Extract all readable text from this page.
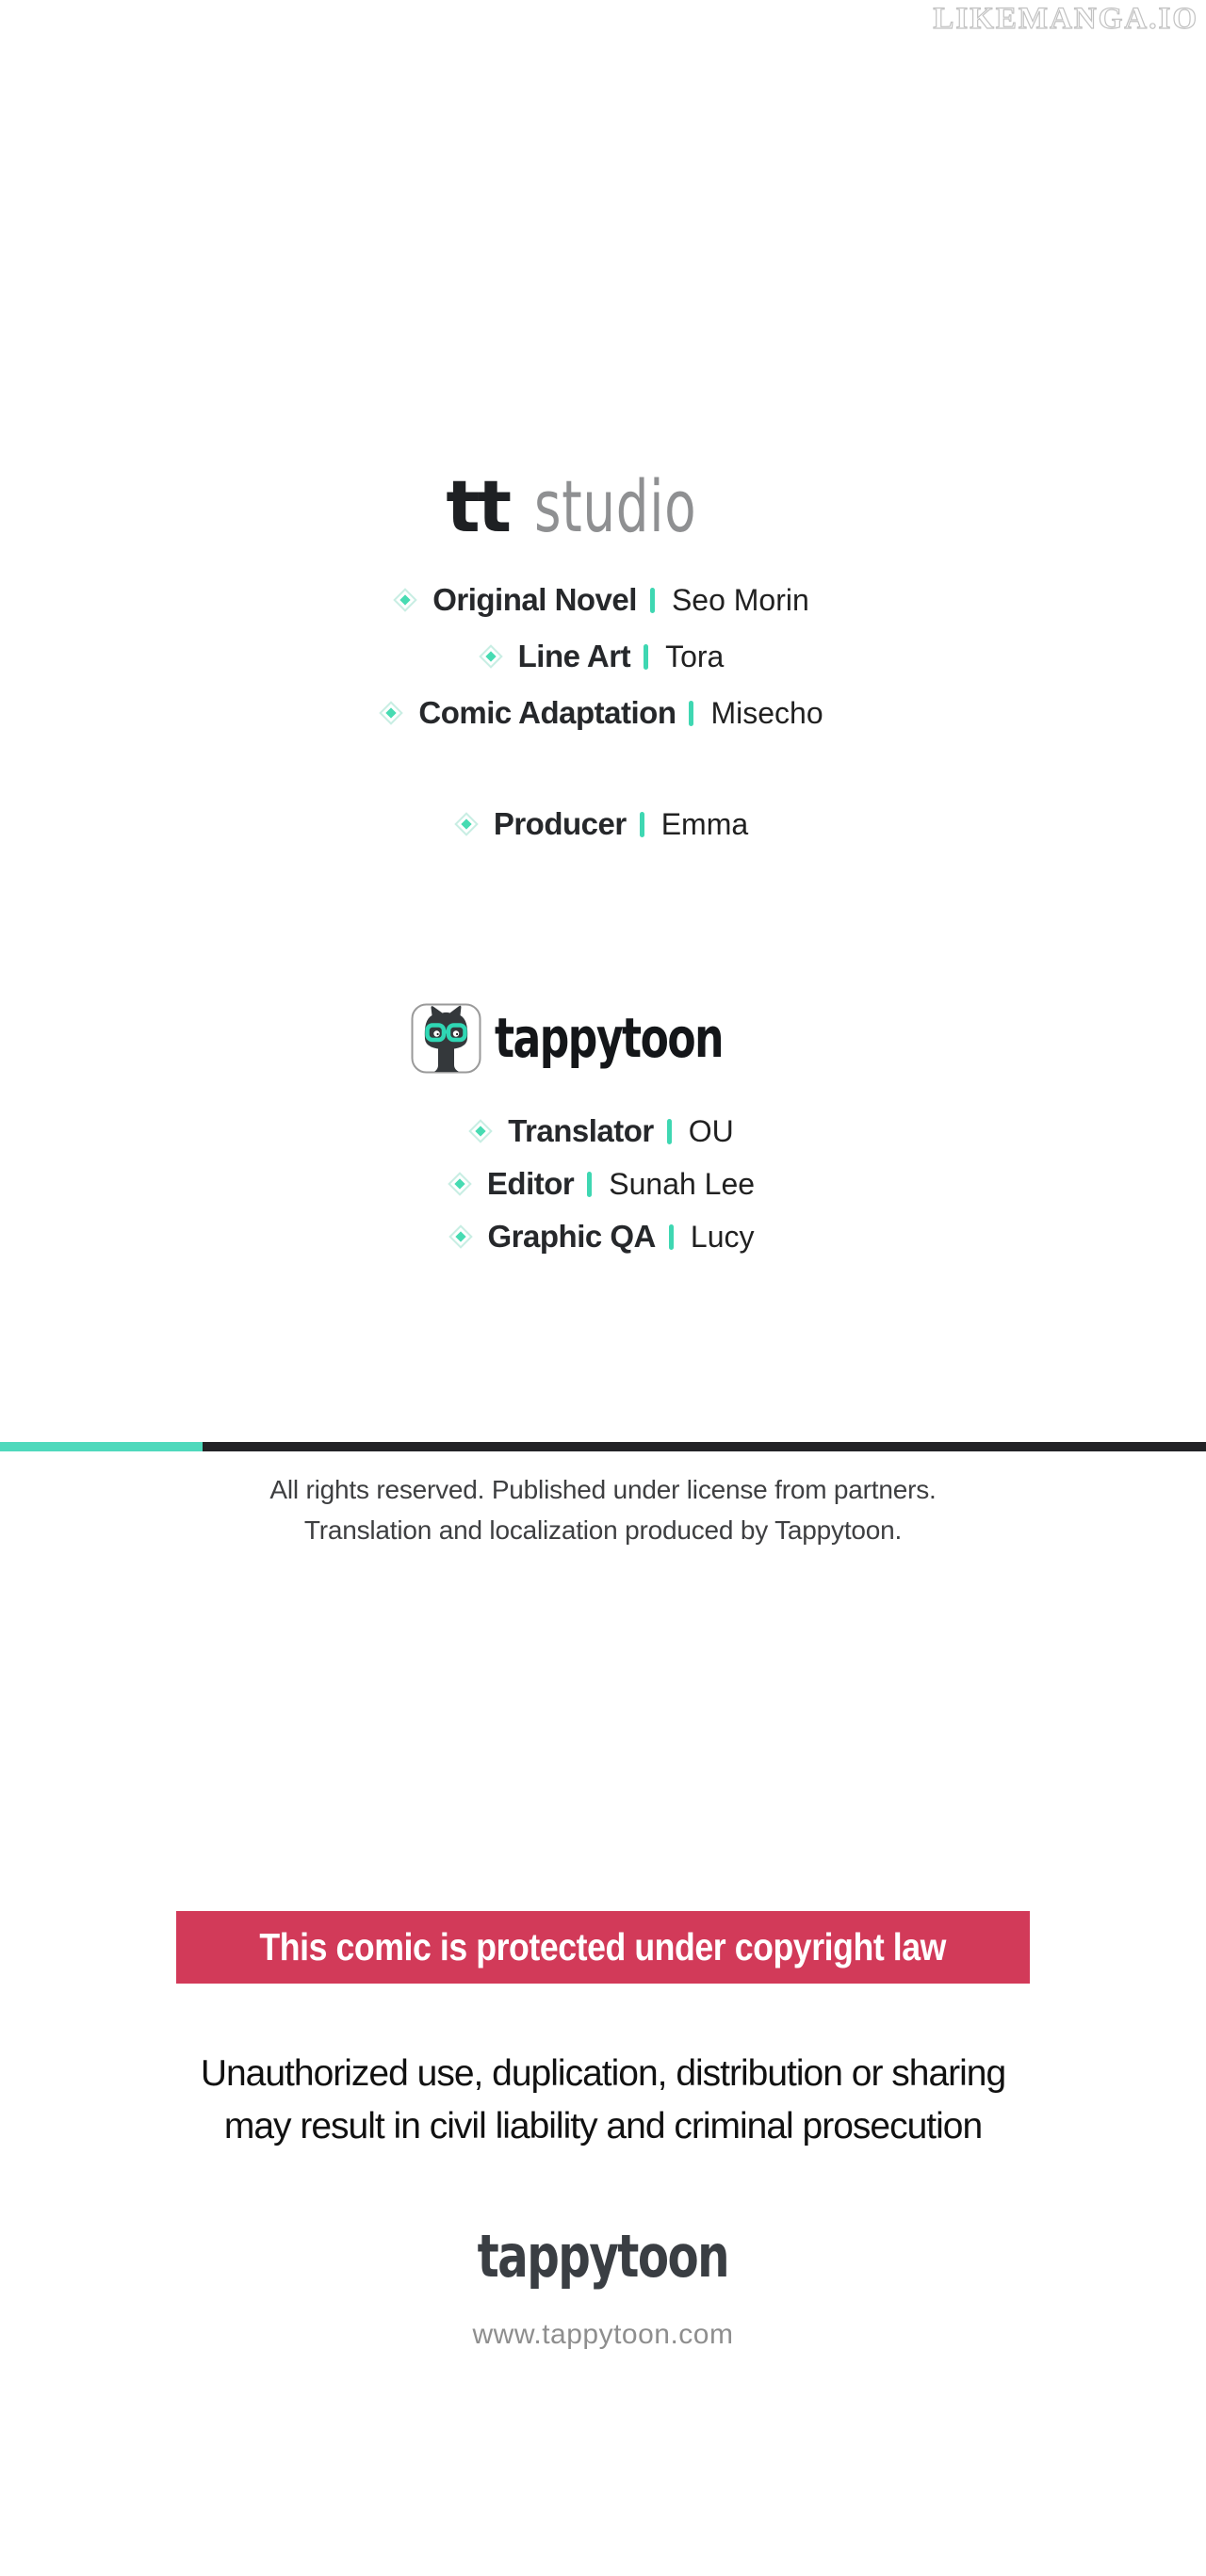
LIKEMANGA.IO
tt studio
Original Novel Seo Morin
Line Art Tora
Comic Adaptation Misecho
Producer Emma
tappytoon
Translator OU
Editor Sunah Lee
Graphic QA Lucy
All rights reserved. Published under license from partners.
Translation and localization produced by Tappytoon.
This comic is protected under copyright law
Unauthorized use, duplication, distribution or sharing
may result in civil liability and criminal prosecution
tappytoon
www.tappytoon.com
